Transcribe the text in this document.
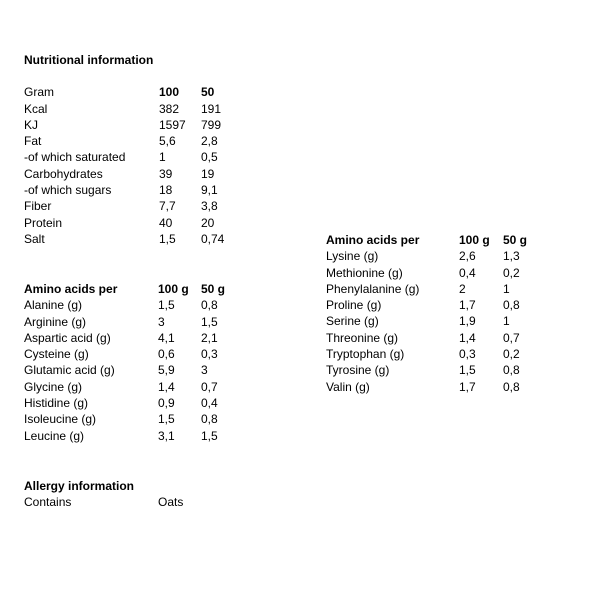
Nutritional information
Gram	100 50
Kcal	382 191
KJ	1597 799
Fat	5,6 2,8
-of which saturated	1	0,5
Carbohydrates	39 19
-of which sugars	18 9,1
Fiber	7,7 3,8
Protein	40 20
Salt	1,5 0,74
Amino acids per	100 g 50 g
Alanine (g)	1,5 0,8
Arginine (g)	3	1,5
Aspartic acid (g)	4,1 2,1
Cysteine (g)	0,6 0,3
Glutamic acid (g)	5,9 3
Glycine (g)	1,4 0,7
Histidine (g)	0,9 0,4
Isoleucine (g)	1,5 0,8
Leucine (g)	3,1 1,5
Amino acids per	100 g 50 g
Lysine (g)	2,6 1,3
Methionine (g)	0,4 0,2
Phenylalanine (g)	2	1
Proline (g)	1,7 0,8
Serine (g)	1,9 1
Threonine (g)	1,4 0,7
Tryptophan (g)	0,3 0,2
Tyrosine (g)	1,5 0,8
Valin (g)	1,7 0,8
Allergy information
Contains	Oats
